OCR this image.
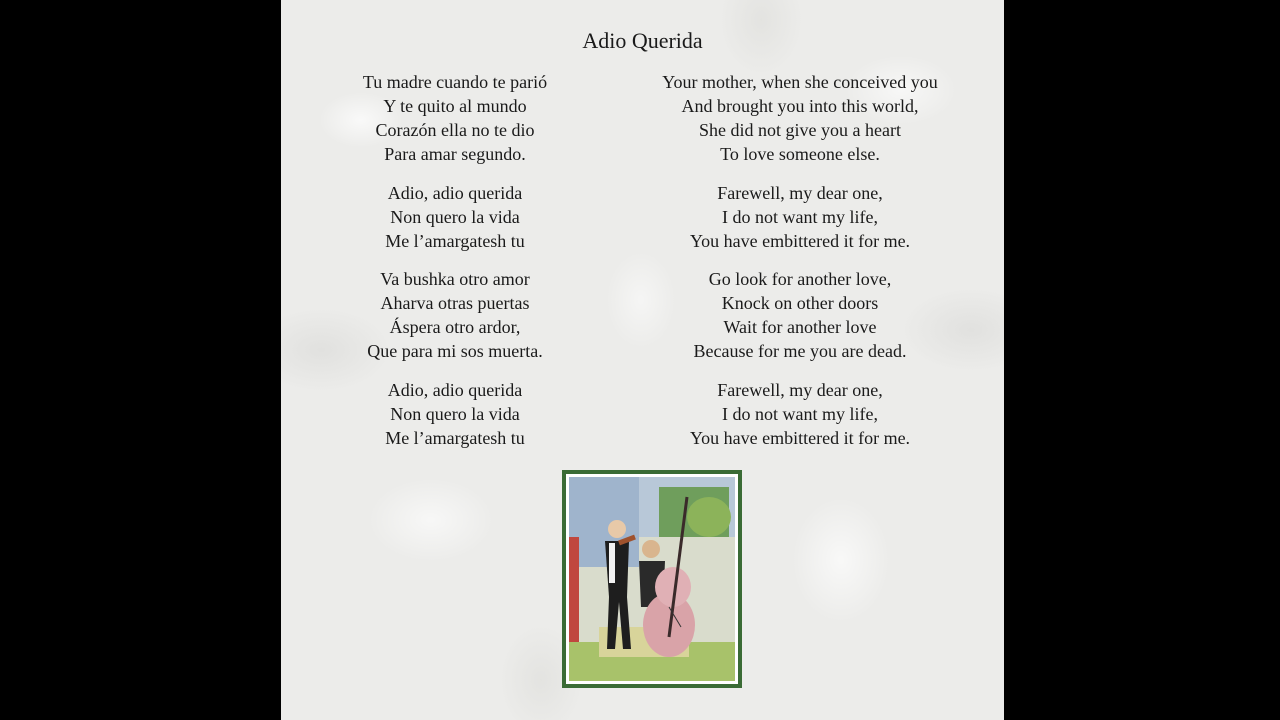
Adio Querida

Tu madre cuando te parió
Y te quito al mundo
Corazón ella no te dio
Para amar segundo.

Adio, adio querida
Non quero la vida
Me l’amargatesh tu

Va bushka otro amor
Aharva otras puertas
Áspera otro ardor,
Que para mi sos muerta.

Adio, adio querida
Non quero la vida
Me l’amargatesh tu

Your mother, when she conceived you
And brought you into this world,
She did not give you a heart
To love someone else.

Farewell, my dear one,
I do not want my life,
You have embittered it for me.

Go look for another love,
Knock on other doors
Wait for another love
Because for me you are dead.

Farewell, my dear one,
I do not want my life,
You have embittered it for me.
